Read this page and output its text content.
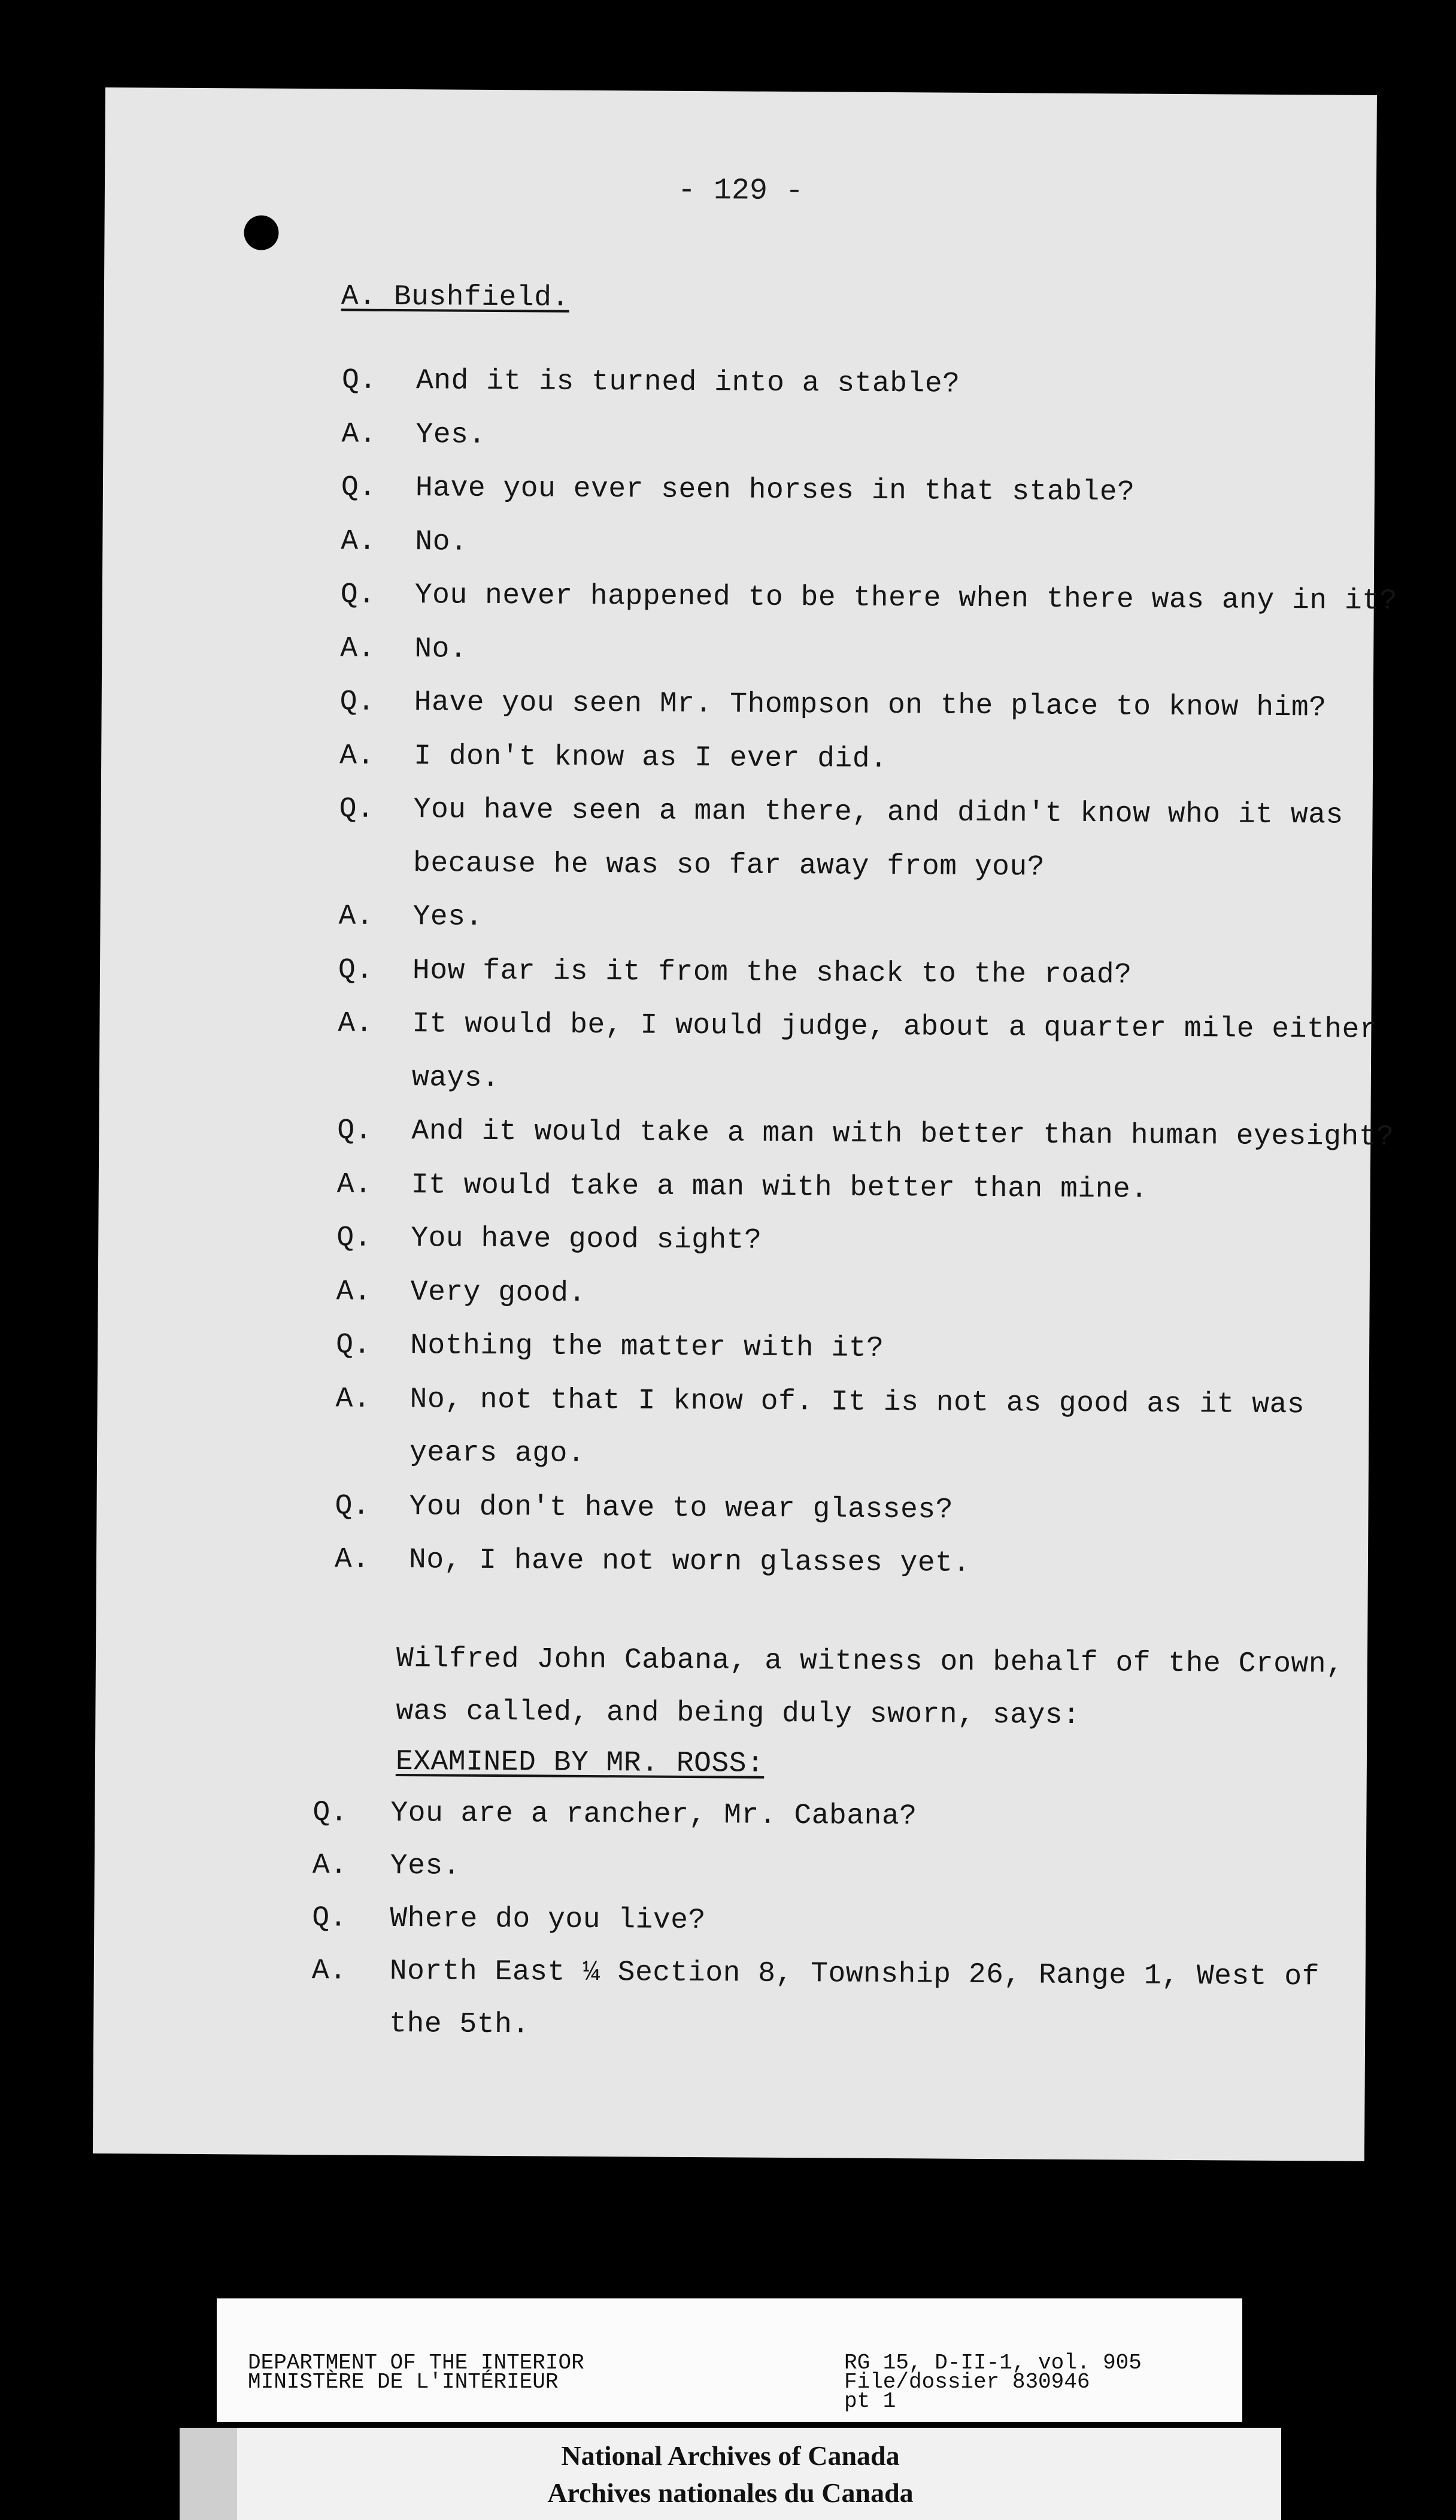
- 129 -
A. Bushfield.
Q. And it is turned into a stable?
A. Yes.
Q. Have you ever seen horses in that stable?
A. No.
Q. You never happened to be there when there was any in it?
A. No.
Q. Have you seen Mr. Thompson on the place to know him?
A. I don't know as I ever did.
Q. You have seen a man there, and didn't know who it was
because he was so far away from you?
A. Yes.
Q. How far is it from the shack to the road?
A. It would be, I would judge, about a quarter mile either
ways.
Q. And it would take a man with better than human eyesight?
A. It would take a man with better than mine.
Q. You have good sight?
A. Very good.
Q. Nothing the matter with it?
A. No, not that I know of. It is not as good as it was
years ago.
Q. You don't have to wear glasses?
A. No, I have not worn glasses yet.
Wilfred John Cabana, a witness on behalf of the Crown,
was called, and being duly sworn, says:
EXAMINED BY MR. ROSS:
Q. You are a rancher, Mr. Cabana?
A. Yes.
Q. Where do you live?
A. North East ¼ Section 8, Township 26, Range 1, West of
the 5th.
DEPARTMENT OF THE INTERIOR
MINISTÈRE DE L'INTÉRIEUR
RG 15, D-II-1, vol. 905
File/dossier 830946
pt 1
National Archives of Canada
Archives nationales du Canada
